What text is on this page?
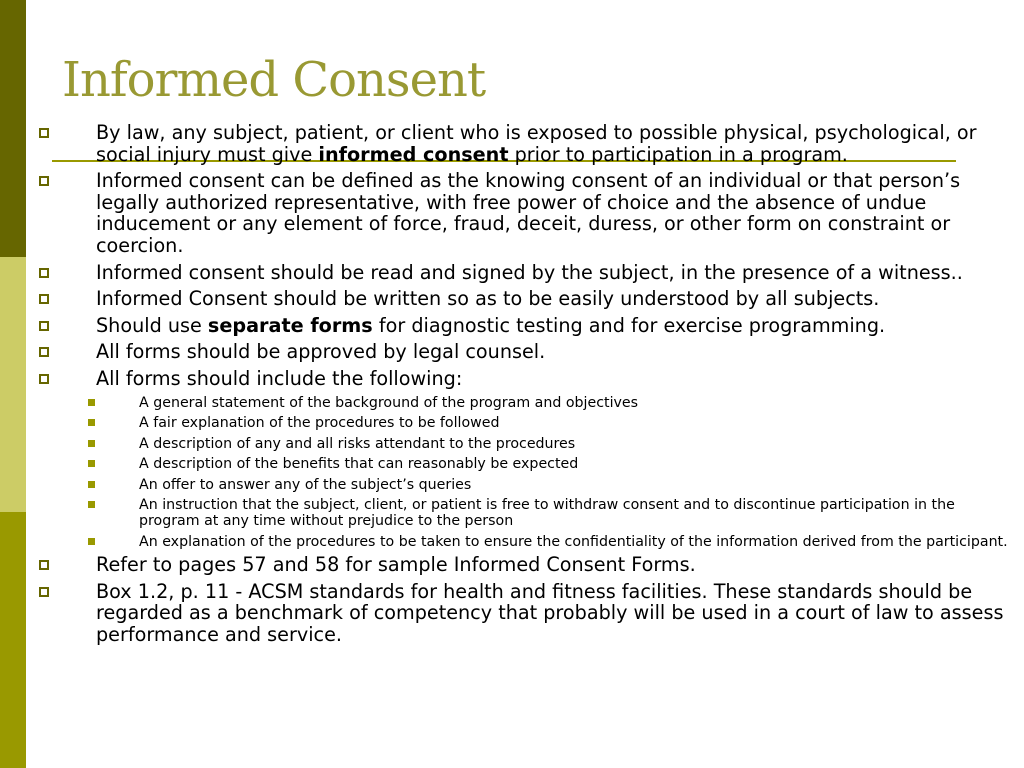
Informed Consent
By law, any subject, patient, or client who is exposed to possible physical, psychological, or social injury must give informed consent prior to participation in a program.
Informed consent can be defined as the knowing consent of an individual or that person’s legally authorized representative, with free power of choice and the absence of undue inducement or any element of force, fraud, deceit, duress, or other form on constraint or coercion.
Informed consent should be read and signed by the subject, in the presence of a witness..
Informed Consent should be written so as to be easily understood by all subjects.
Should use separate forms for diagnostic testing and for exercise programming.
All forms should be approved by legal counsel.
All forms should include the following:
A general statement of the background of the program and objectives
A fair explanation of the procedures to be followed
A description of any and all risks attendant to the procedures
A description of the benefits that can reasonably be expected
An offer to answer any of the subject’s queries
An instruction that the subject, client, or patient is free to withdraw consent and to discontinue participation in the program at any time without prejudice to the person
An explanation of the procedures to be taken to ensure the confidentiality of the information derived from the participant.
Refer to pages 57 and 58 for sample Informed Consent Forms.
Box 1.2, p. 11 - ACSM standards for health and fitness facilities. These standards should be regarded as a benchmark of competency that probably will be used in a court of law to assess performance and service.
